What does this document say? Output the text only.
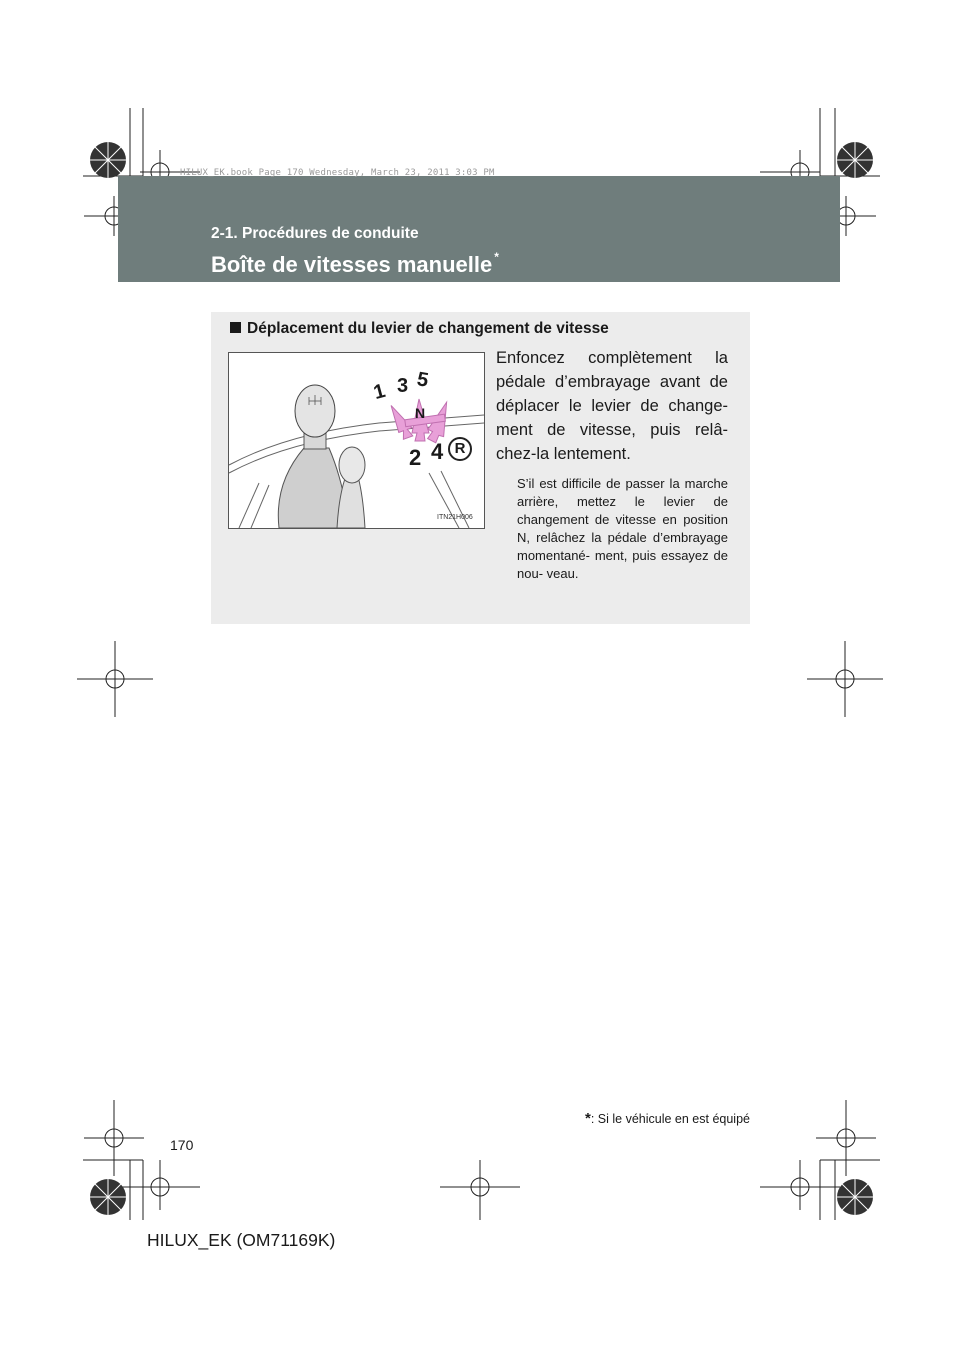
HILUX_EK.book Page 170 Wednesday, March 23, 2011 3:03 PM
2-1. Procédures de conduite
Boîte de vitesses manuelle *
Déplacement du levier de changement de vitesse
1 3 5
N
2 4 R
ITN21H006
Enfoncez complètement la pédale d’embrayage avant de déplacer le levier de change- ment de vitesse, puis relâ- chez-la lentement.
S’il est difficile de passer la marche arrière, mettez le levier de changement de vitesse en position N, relâchez la pédale d’embrayage momentané- ment, puis essayez de nou- veau.
*: Si le véhicule en est équipé
170
HILUX_EK (OM71169K)
